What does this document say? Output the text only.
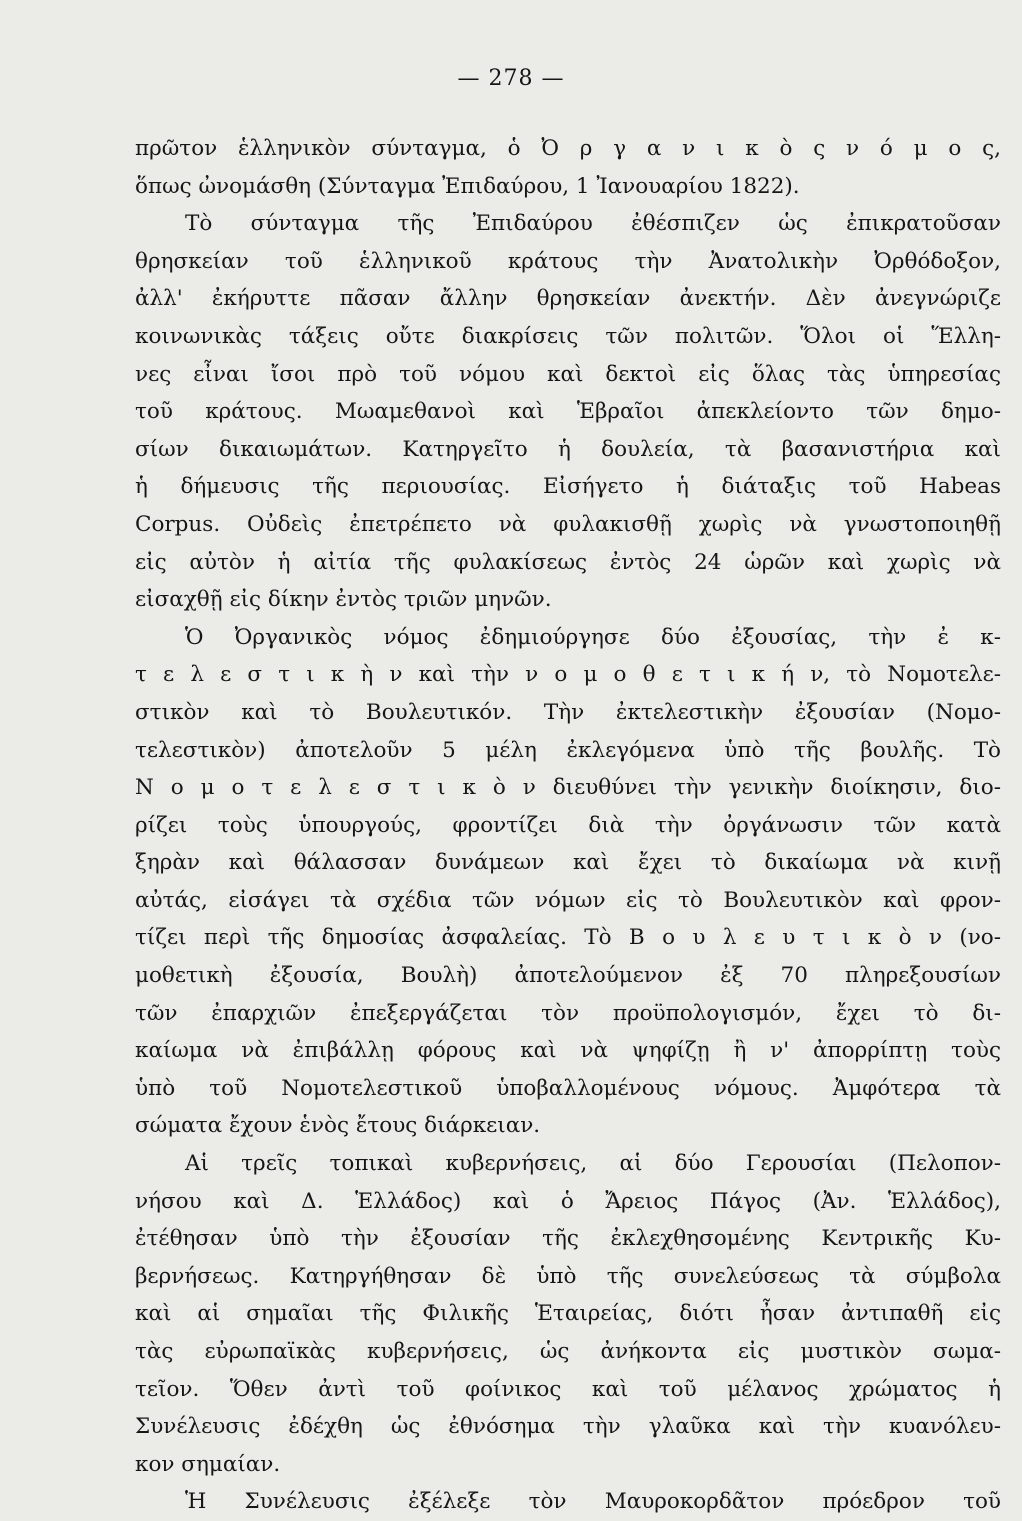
— 278 —
πρῶτον ἑλληνικὸν σύνταγμα, ὁ Ὀ ρ γ α ν ι κ ὸ ς ν ό μ ο ς,
ὅπως ὠνομάσθη (Σύνταγμα Ἐπιδαύρου, 1 Ἰανουαρίου 1822).
Τὸ σύνταγμα τῆς Ἐπιδαύρου ἐθέσπιζεν ὡς ἐπικρατοῦσαν
θρησκείαν τοῦ ἑλληνικοῦ κράτους τὴν Ἀνατολικὴν Ὀρθόδοξον,
ἀλλ' ἐκήρυττε πᾶσαν ἄλλην θρησκείαν ἀνεκτήν. Δὲν ἀνεγνώριζε
κοινωνικὰς τάξεις οὔτε διακρίσεις τῶν πολιτῶν. Ὅλοι οἱ Ἕλλη-
νες εἶναι ἴσοι πρὸ τοῦ νόμου καὶ δεκτοὶ εἰς ὅλας τὰς ὑπηρεσίας
τοῦ κράτους. Μωαμεθανοὶ καὶ Ἑβραῖοι ἀπεκλείοντο τῶν δημο-
σίων δικαιωμάτων. Κατηργεῖτο ἡ δουλεία, τὰ βασανιστήρια καὶ
ἡ δήμευσις τῆς περιουσίας. Εἰσήγετο ἡ διάταξις τοῦ Habeas
Corpus. Οὐδεὶς ἐπετρέπετο νὰ φυλακισθῇ χωρὶς νὰ γνωστοποιηθῇ
εἰς αὐτὸν ἡ αἰτία τῆς φυλακίσεως ἐντὸς 24 ὡρῶν καὶ χωρὶς νὰ
εἰσαχθῇ εἰς δίκην ἐντὸς τριῶν μηνῶν.
Ὁ Ὀργανικὸς νόμος ἐδημιούργησε δύο ἐξουσίας, τὴν ἐ κ-
τ ε λ ε σ τ ι κ ὴ ν καὶ τὴν ν ο μ ο θ ε τ ι κ ή ν, τὸ Νομοτελε-
στικὸν καὶ τὸ Βουλευτικόν. Τὴν ἐκτελεστικὴν ἐξουσίαν (Νομο-
τελεστικὸν) ἀποτελοῦν 5 μέλη ἐκλεγόμενα ὑπὸ τῆς βουλῆς. Τὸ
Ν ο μ ο τ ε λ ε σ τ ι κ ὸ ν διευθύνει τὴν γενικὴν διοίκησιν, διο-
ρίζει τοὺς ὑπουργούς, φροντίζει διὰ τὴν ὀργάνωσιν τῶν κατὰ
ξηρὰν καὶ θάλασσαν δυνάμεων καὶ ἔχει τὸ δικαίωμα νὰ κινῇ
αὐτάς, εἰσάγει τὰ σχέδια τῶν νόμων εἰς τὸ Βουλευτικὸν καὶ φρον-
τίζει περὶ τῆς δημοσίας ἀσφαλείας. Τὸ Β ο υ λ ε υ τ ι κ ὸ ν (νο-
μοθετικὴ ἐξουσία, Βουλὴ) ἀποτελούμενον ἐξ 70 πληρεξουσίων
τῶν ἐπαρχιῶν ἐπεξεργάζεται τὸν προϋπολογισμόν, ἔχει τὸ δι-
καίωμα νὰ ἐπιβάλλῃ φόρους καὶ νὰ ψηφίζῃ ἢ ν' ἀπορρίπτῃ τοὺς
ὑπὸ τοῦ Νομοτελεστικοῦ ὑποβαλλομένους νόμους. Ἀμφότερα τὰ
σώματα ἔχουν ἑνὸς ἔτους διάρκειαν.
Αἱ τρεῖς τοπικαὶ κυβερνήσεις, αἱ δύο Γερουσίαι (Πελοπον-
νήσου καὶ Δ. Ἑλλάδος) καὶ ὁ Ἄρειος Πάγος (Ἀν. Ἑλλάδος),
ἐτέθησαν ὑπὸ τὴν ἐξουσίαν τῆς ἐκλεχθησομένης Κεντρικῆς Κυ-
βερνήσεως. Κατηργήθησαν δὲ ὑπὸ τῆς συνελεύσεως τὰ σύμβολα
καὶ αἱ σημαῖαι τῆς Φιλικῆς Ἑταιρείας, διότι ἦσαν ἀντιπαθῆ εἰς
τὰς εὐρωπαϊκὰς κυβερνήσεις, ὡς ἀνήκοντα εἰς μυστικὸν σωμα-
τεῖον. Ὅθεν ἀντὶ τοῦ φοίνικος καὶ τοῦ μέλανος χρώματος ἡ
Συνέλευσις ἐδέχθη ὡς ἐθνόσημα τὴν γλαῦκα καὶ τὴν κυανόλευ-
κον σημαίαν.
Ἡ Συνέλευσις ἐξέλεξε τὸν Μαυροκορδᾶτον πρόεδρον τοῦ
